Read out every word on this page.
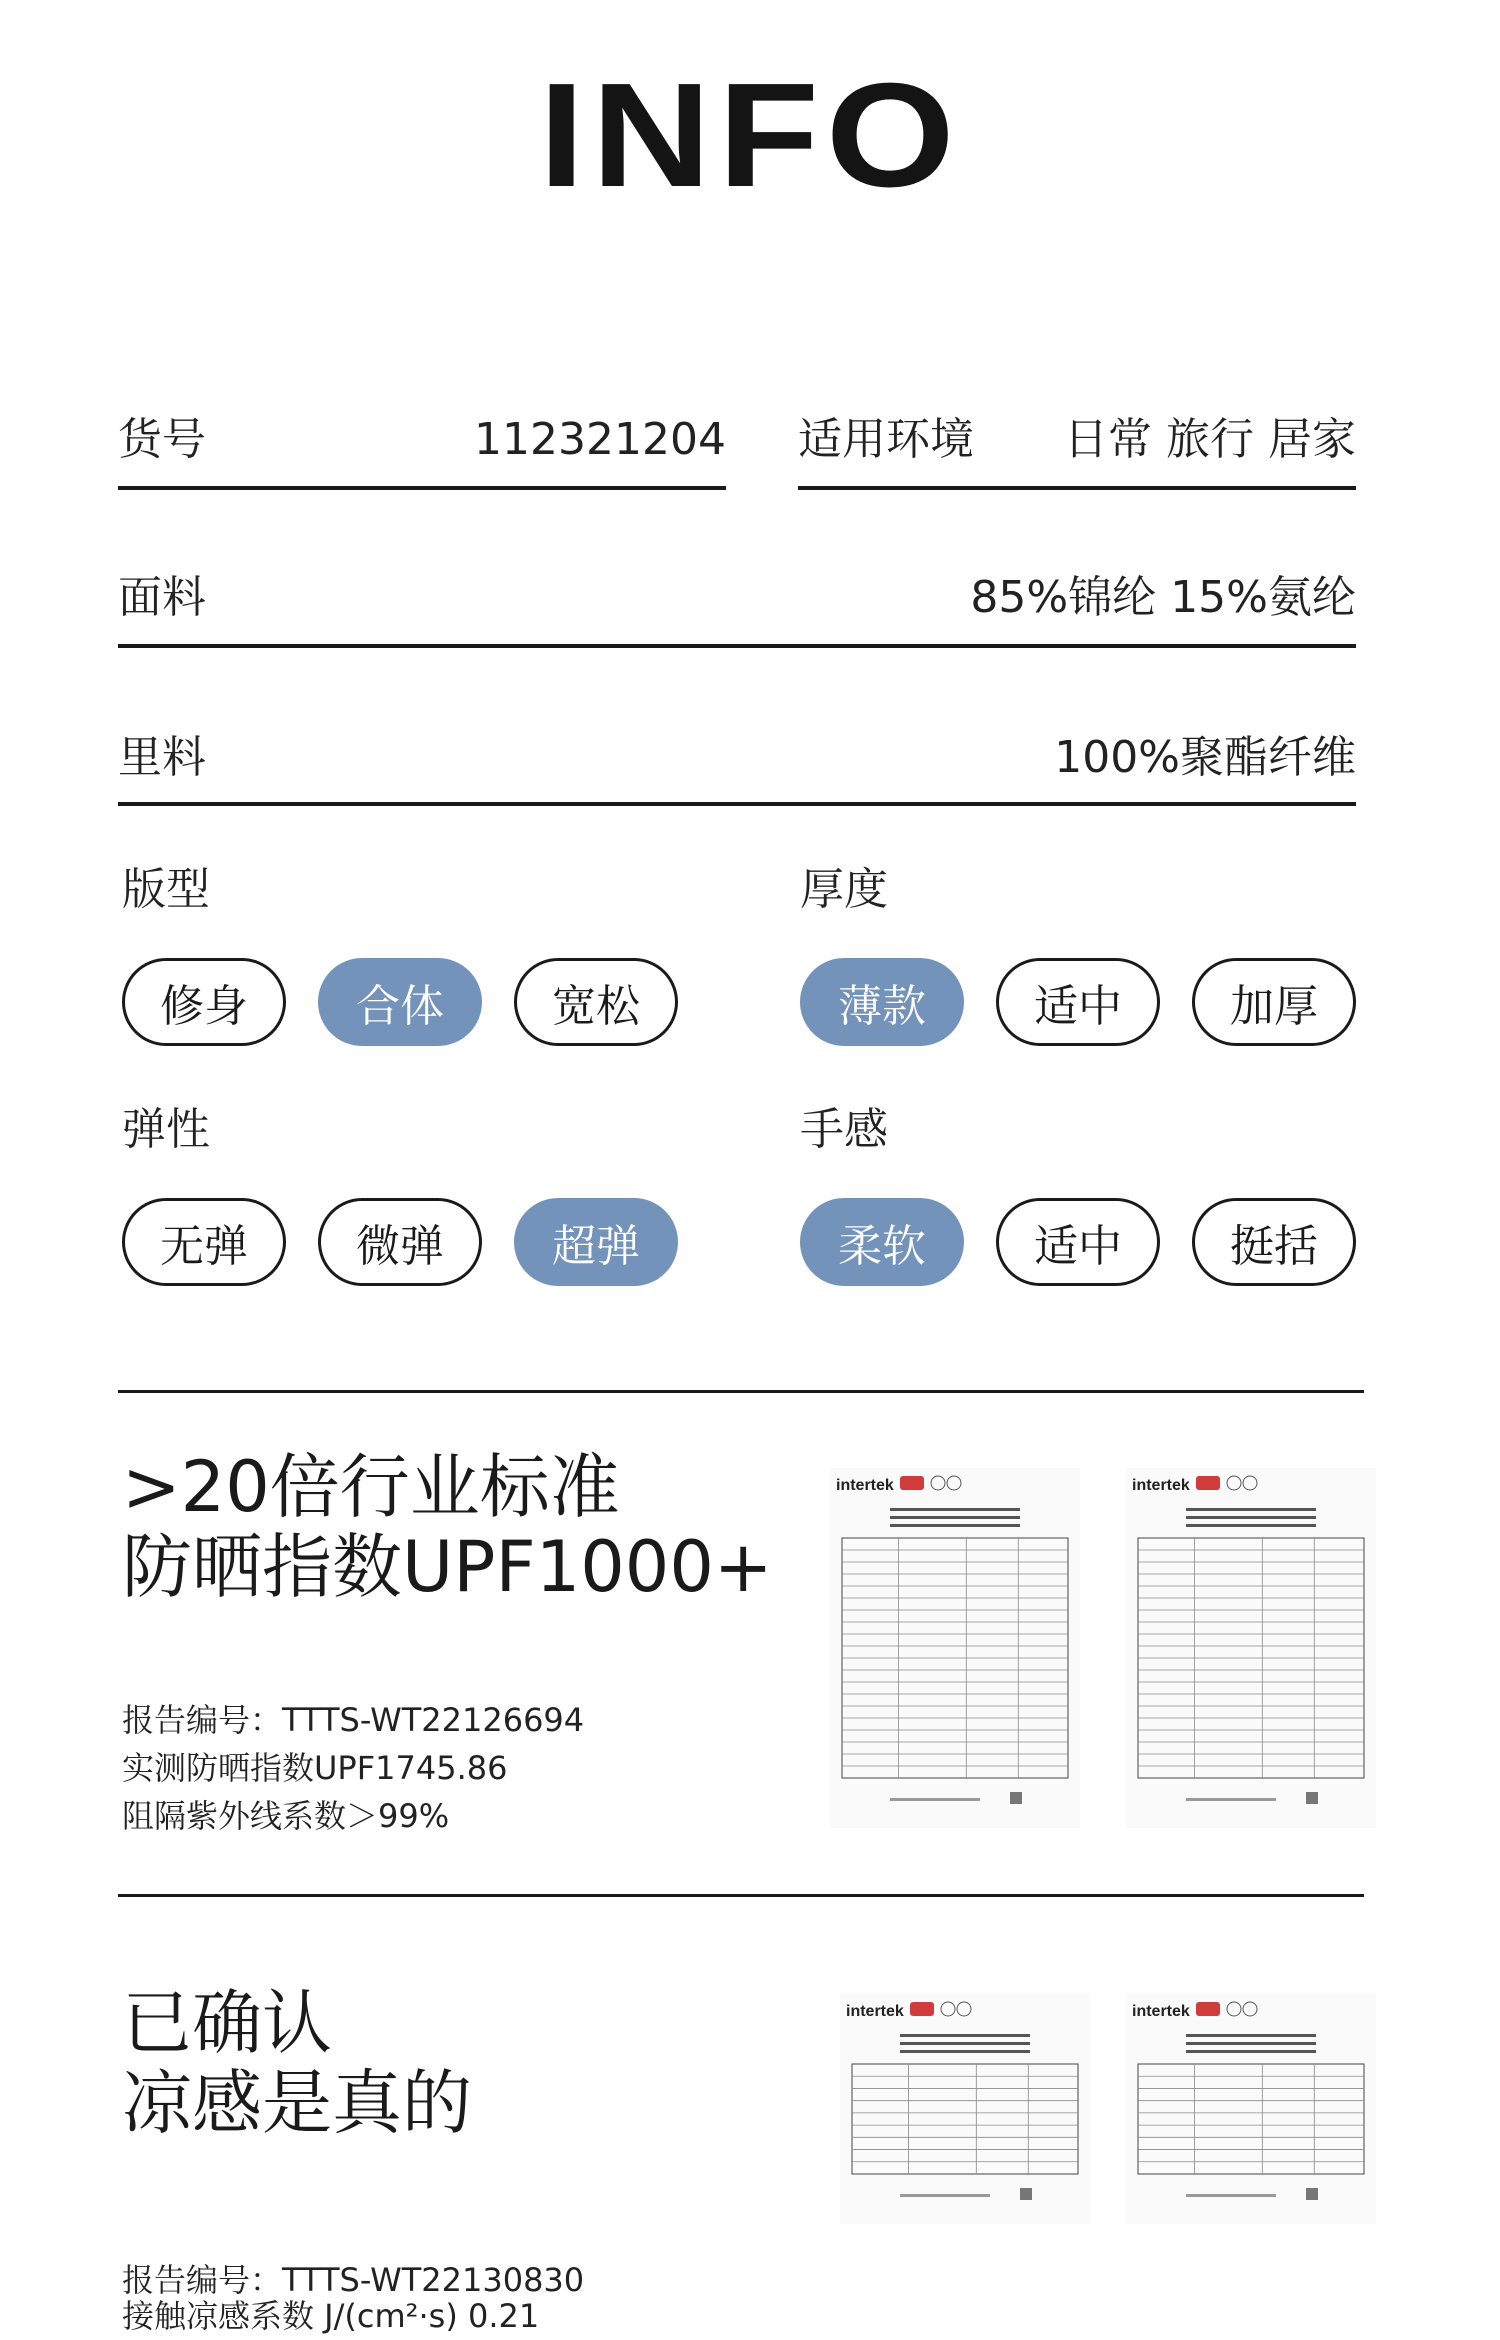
INFO
货号	112321204 适用环境	日常 旅行 居家
面料	85%锦纶 15%氨纶
里料	100%聚酯纤维
版型	厚度
弹性	手感
修身	合体	宽松	薄款	适中	加厚
无弹	微弹	超弹	柔软	适中	挺括
>20倍行业标准
防晒指数UPF1000+
报告编号：TTTS-WT22126694
实测防晒指数UPF1745.86
阻隔紫外线系数＞99%
intertek	intertek
已确认
凉感是真的
报告编号：TTTS-WT22130830
接触凉感系数 J/(cm²·s) 0.21
intertek	intertek
